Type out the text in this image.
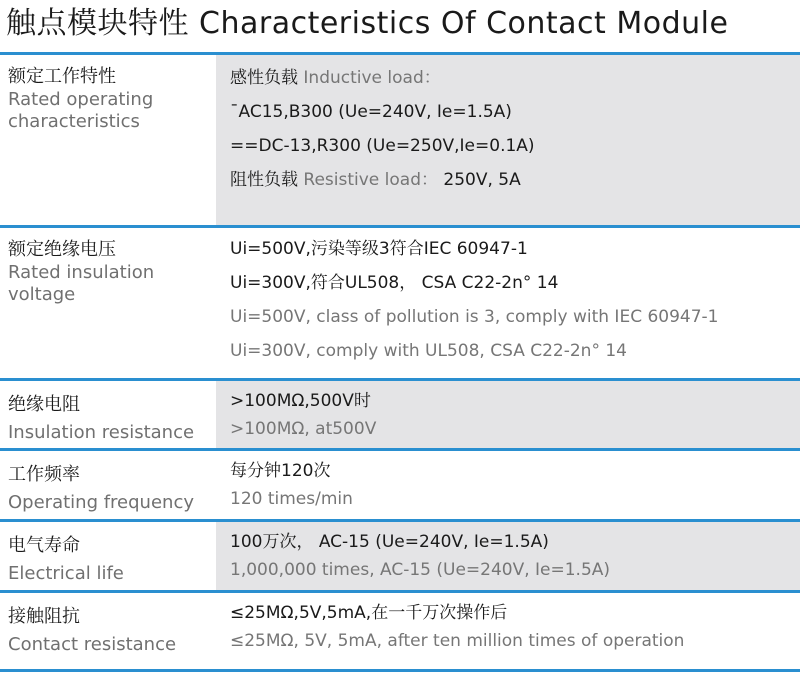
触点模块特性 Characteristics Of Contact Module
额定工作特性
Rated operating characteristics
感性负载 Inductive load：
¯AC15,B300 (Ue=240V, Ie=1.5A)
==DC-13,R300 (Ue=250V,Ie=0.1A)
阻性负载 Resistive load： 250V, 5A
额定绝缘电压
Rated insulation voltage
Ui=500V,污染等级3符合IEC 60947-1
Ui=300V,符合UL508， CSA C22-2n° 14
Ui=500V, class of pollution is 3, comply with IEC 60947-1
Ui=300V, comply with UL508, CSA C22-2n° 14
绝缘电阻
Insulation resistance
>100MΩ,500V时
>100MΩ, at500V
工作频率
Operating frequency
每分钟120次
120 times/min
电气寿命
Electrical life
100万次， AC-15 (Ue=240V, Ie=1.5A)
1,000,000 times, AC-15 (Ue=240V, Ie=1.5A)
接触阻抗
Contact resistance
≤25MΩ,5V,5mA,在一千万次操作后
≤25MΩ, 5V, 5mA, after ten million times of operation
